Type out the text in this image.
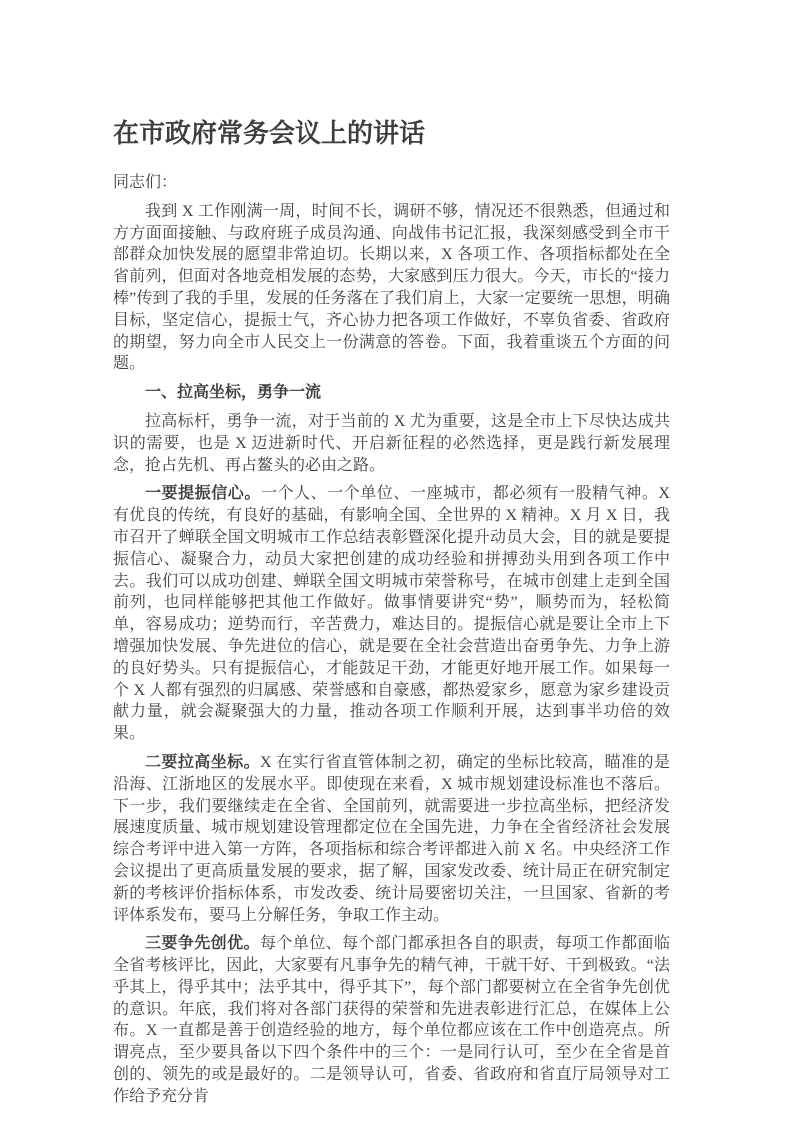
在市政府常务会议上的讲话

同志们：

我到 X 工作刚满一周，时间不长，调研不够，情况还不很熟悉，但通过和方方面面接触、与政府班子成员沟通、向战伟书记汇报，我深刻感受到全市干部群众加快发展的愿望非常迫切。长期以来，X 各项工作、各项指标都处在全省前列，但面对各地竞相发展的态势，大家感到压力很大。今天，市长的“接力棒”传到了我的手里，发展的任务落在了我们肩上，大家一定要统一思想，明确目标，坚定信心，提振士气，齐心协力把各项工作做好，不辜负省委、省政府的期望，努力向全市人民交上一份满意的答卷。下面，我着重谈五个方面的问题。

一、拉高坐标，勇争一流

拉高标杆，勇争一流，对于当前的 X 尤为重要，这是全市上下尽快达成共识的需要，也是 X 迈进新时代、开启新征程的必然选择，更是践行新发展理念，抢占先机、再占鳌头的必由之路。

一要提振信心。一个人、一个单位、一座城市，都必须有一股精气神。X 有优良的传统，有良好的基础，有影响全国、全世界的 X 精神。X 月 X 日，我市召开了蝉联全国文明城市工作总结表彰暨深化提升动员大会，目的就是要提振信心、凝聚合力，动员大家把创建的成功经验和拼搏劲头用到各项工作中去。我们可以成功创建、蝉联全国文明城市荣誉称号，在城市创建上走到全国前列，也同样能够把其他工作做好。做事情要讲究“势”，顺势而为，轻松简单，容易成功；逆势而行，辛苦费力，难达目的。提振信心就是要让全市上下增强加快发展、争先进位的信心，就是要在全社会营造出奋勇争先、力争上游的良好势头。只有提振信心，才能鼓足干劲，才能更好地开展工作。如果每一个 X 人都有强烈的归属感、荣誉感和自豪感，都热爱家乡，愿意为家乡建设贡献力量，就会凝聚强大的力量，推动各项工作顺利开展，达到事半功倍的效果。

二要拉高坐标。X 在实行省直管体制之初，确定的坐标比较高，瞄准的是沿海、江浙地区的发展水平。即使现在来看，X 城市规划建设标准也不落后。下一步，我们要继续走在全省、全国前列，就需要进一步拉高坐标，把经济发展速度质量、城市规划建设管理都定位在全国先进，力争在全省经济社会发展综合考评中进入第一方阵，各项指标和综合考评都进入前 X 名。中央经济工作会议提出了更高质量发展的要求，据了解，国家发改委、统计局正在研究制定新的考核评价指标体系，市发改委、统计局要密切关注，一旦国家、省新的考评体系发布，要马上分解任务，争取工作主动。

三要争先创优。每个单位、每个部门都承担各自的职责，每项工作都面临全省考核评比，因此，大家要有凡事争先的精气神，干就干好、干到极致。“法乎其上，得乎其中；法乎其中，得乎其下”，每个部门都要树立在全省争先创优的意识。年底，我们将对各部门获得的荣誉和先进表彰进行汇总，在媒体上公布。X 一直都是善于创造经验的地方，每个单位都应该在工作中创造亮点。所谓亮点，至少要具备以下四个条件中的三个：一是同行认可，至少在全省是首创的、领先的或是最好的。二是领导认可，省委、省政府和省直厅局领导对工作给予充分肯
